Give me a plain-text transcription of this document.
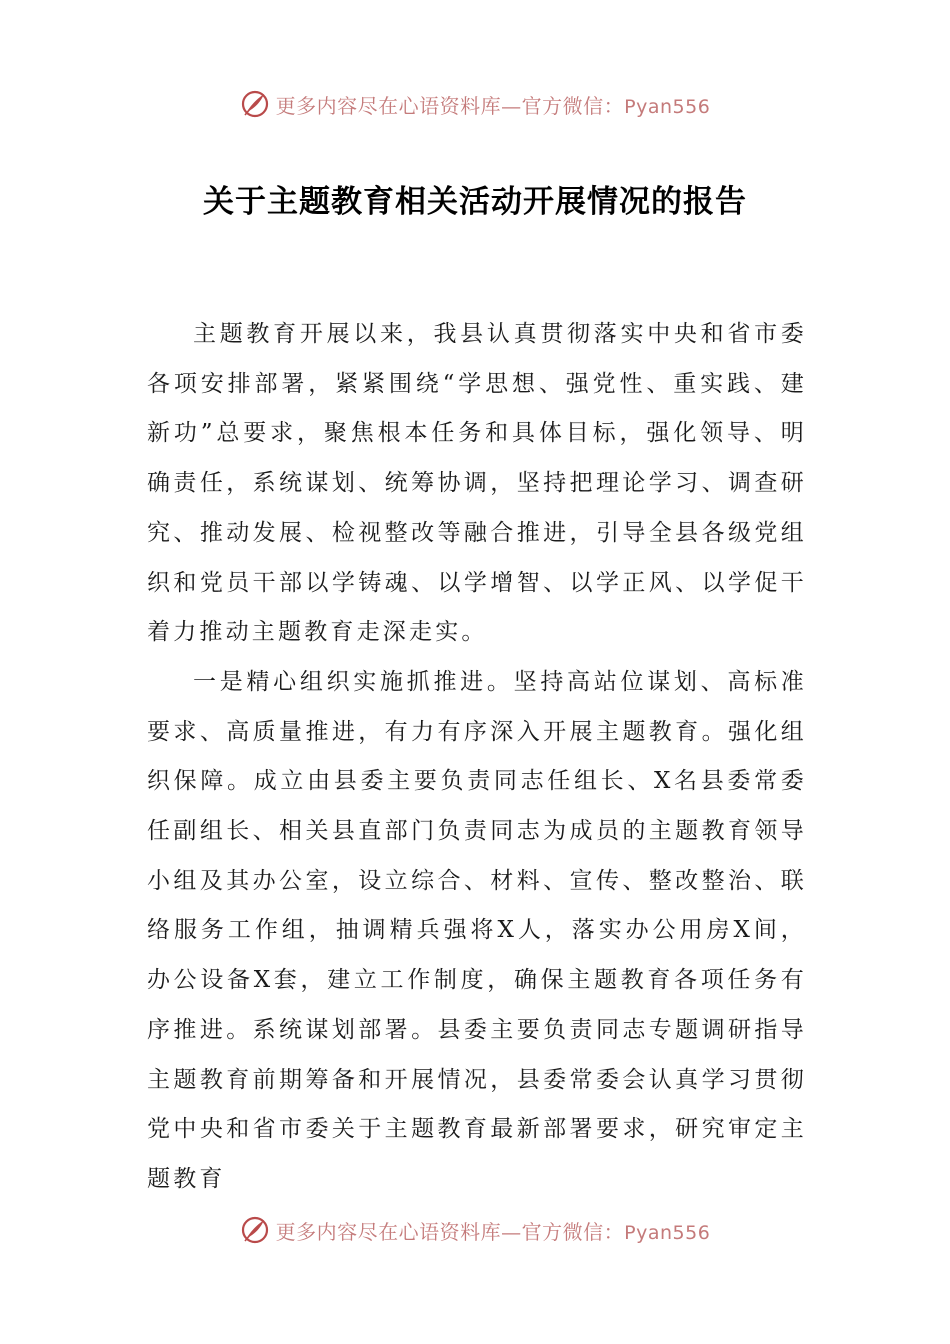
更多内容尽在心语资料库—官方微信：Pyan556
关于主题教育相关活动开展情况的报告

主题教育开展以来，我县认真贯彻落实中央和省市委各项安排部署，紧紧围绕“学思想、强党性、重实践、建新功”总要求，聚焦根本任务和具体目标，强化领导、明确责任，系统谋划、统筹协调，坚持把理论学习、调查研究、推动发展、检视整改等融合推进，引导全县各级党组织和党员干部以学铸魂、以学增智、以学正风、以学促干着力推动主题教育走深走实。

一是精心组织实施抓推进。坚持高站位谋划、高标准要求、高质量推进，有力有序深入开展主题教育。强化组织保障。成立由县委主要负责同志任组长、X名县委常委任副组长、相关县直部门负责同志为成员的主题教育领导小组及其办公室，设立综合、材料、宣传、整改整治、联络服务工作组，抽调精兵强将X人，落实办公用房X间，办公设备X套，建立工作制度，确保主题教育各项任务有序推进。系统谋划部署。县委主要负责同志专题调研指导主题教育前期筹备和开展情况，县委常委会认真学习贯彻党中央和省市委关于主题教育最新部署要求，研究审定主题教育

更多内容尽在心语资料库—官方微信：Pyan556
